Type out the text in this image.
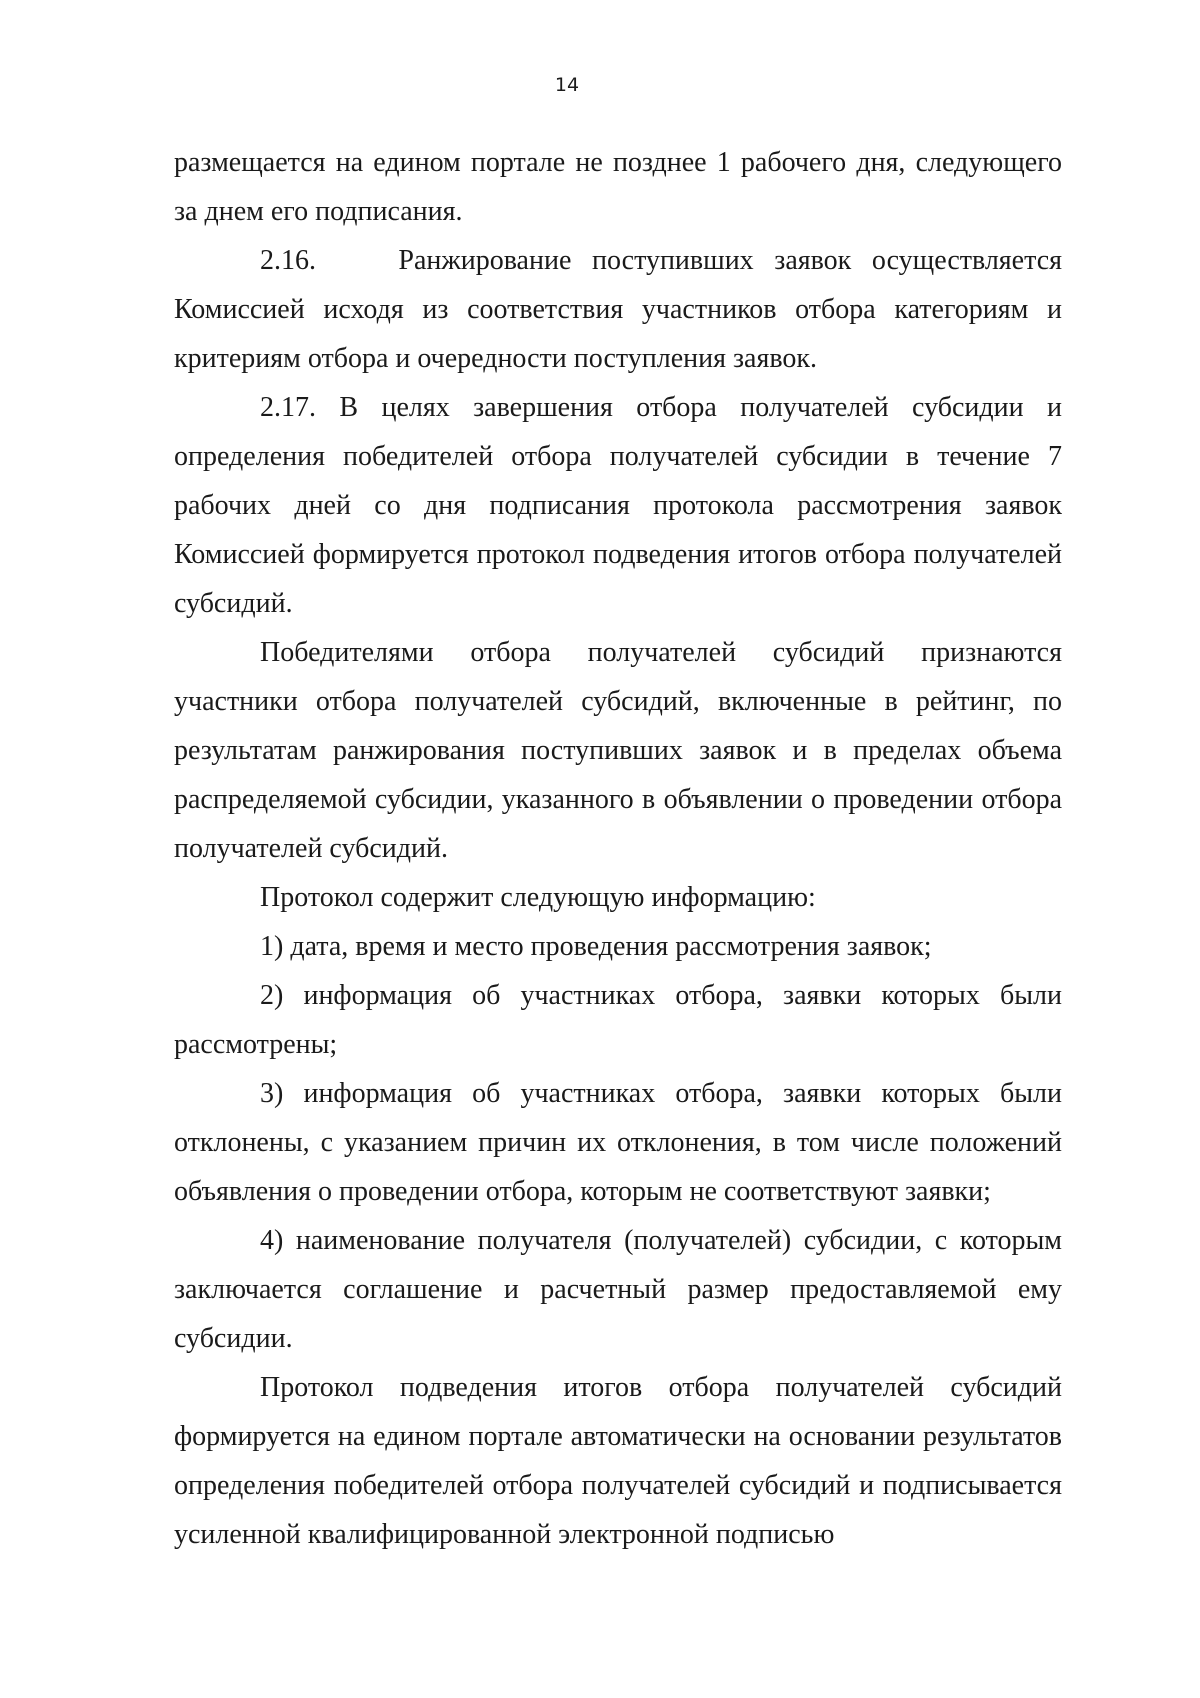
14

размещается на едином портале не позднее 1 рабочего дня, следующего за днем его подписания.

2.16.    Ранжирование поступивших заявок осуществляется Комиссией исходя из соответствия участников отбора категориям и критериям отбора и очередности поступления заявок.

2.17. В целях завершения отбора получателей субсидии и определения победителей отбора получателей субсидии в течение 7 рабочих дней со дня подписания протокола рассмотрения заявок Комиссией формируется протокол подведения итогов отбора получателей субсидий.

Победителями отбора получателей субсидий признаются участники отбора получателей субсидий, включенные в рейтинг, по результатам ранжирования поступивших заявок и в пределах объема распределяемой субсидии, указанного в объявлении о проведении отбора получателей субсидий.

Протокол содержит следующую информацию:

1) дата, время и место проведения рассмотрения заявок;

2) информация об участниках отбора, заявки которых были рассмотрены;

3) информация об участниках отбора, заявки которых были отклонены, с указанием причин их отклонения, в том числе положений объявления о проведении отбора, которым не соответствуют заявки;

4) наименование получателя (получателей) субсидии, с которым заключается соглашение и расчетный размер предоставляемой ему субсидии.

Протокол подведения итогов отбора получателей субсидий формируется на едином портале автоматически на основании результатов определения победителей отбора получателей субсидий и подписывается усиленной квалифицированной электронной подписью
